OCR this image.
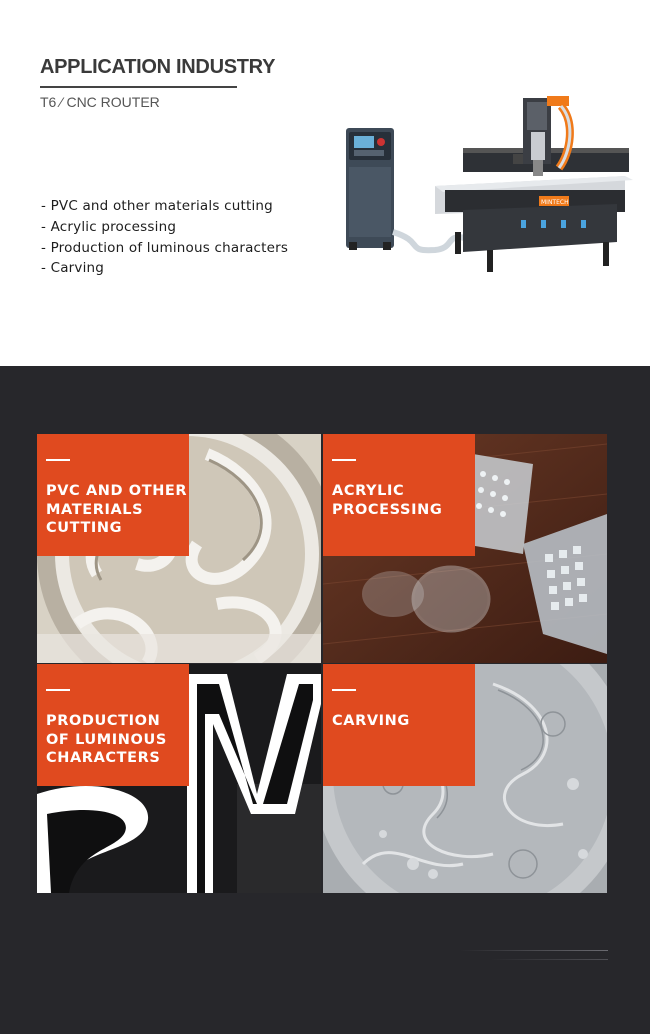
APPLICATION INDUSTRY
T6 ⁄ CNC ROUTER
- PVC and other materials cutting
- Acrylic processing
- Production of luminous characters
- Carving
MINTECH
PVC AND OTHER
MATERIALS
CUTTING
ACRYLIC
PROCESSING
PRODUCTION
OF LUMINOUS
CHARACTERS
CARVING
